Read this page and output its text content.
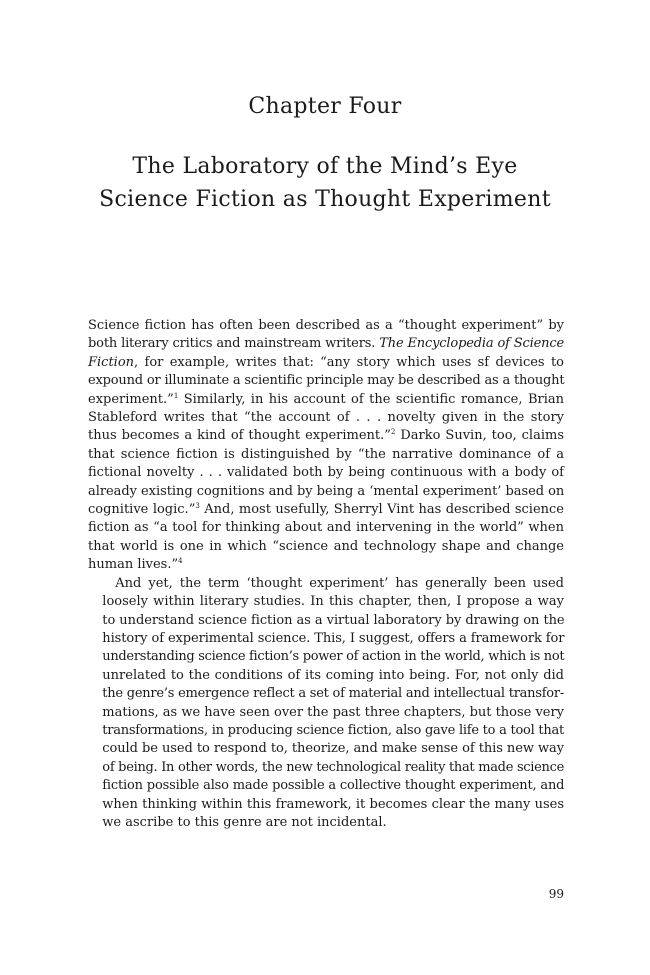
Chapter Four
The Laboratory of the Mind’s Eye
Science Fiction as Thought Experiment
Science fiction has often been described as a “thought experiment” by
both literary critics and mainstream writers. The Encyclopedia of Science
Fiction, for example, writes that: “any story which uses sf devices to
expound or illuminate a scientific principle may be described as a thought
experiment.”$^1$ Similarly, in his account of the scientific romance, Brian
Stableford writes that “the account of . . . novelty given in the story
thus becomes a kind of thought experiment.”$^2$ Darko Suvin, too, claims
that science fiction is distinguished by “the narrative dominance of a
fictional novelty . . . validated both by being continuous with a body of
already existing cognitions and by being a ‘mental experiment’ based on
cognitive logic.”$^3$ And, most usefully, Sherryl Vint has described science
fiction as “a tool for thinking about and intervening in the world” when
that world is one in which “science and technology shape and change
human lives.”$^4$
And yet, the term ‘thought experiment’ has generally been used
loosely within literary studies. In this chapter, then, I propose a way
to understand science fiction as a virtual laboratory by drawing on the
history of experimental science. This, I suggest, offers a framework for
understanding science fiction’s power of action in the world, which is not
unrelated to the conditions of its coming into being. For, not only did
the genre’s emergence reflect a set of material and intellectual transfor-
mations, as we have seen over the past three chapters, but those very
transformations, in producing science fiction, also gave life to a tool that
could be used to respond to, theorize, and make sense of this new way
of being. In other words, the new technological reality that made science
fiction possible also made possible a collective thought experiment, and
when thinking within this framework, it becomes clear the many uses
we ascribe to this genre are not incidental.
99
